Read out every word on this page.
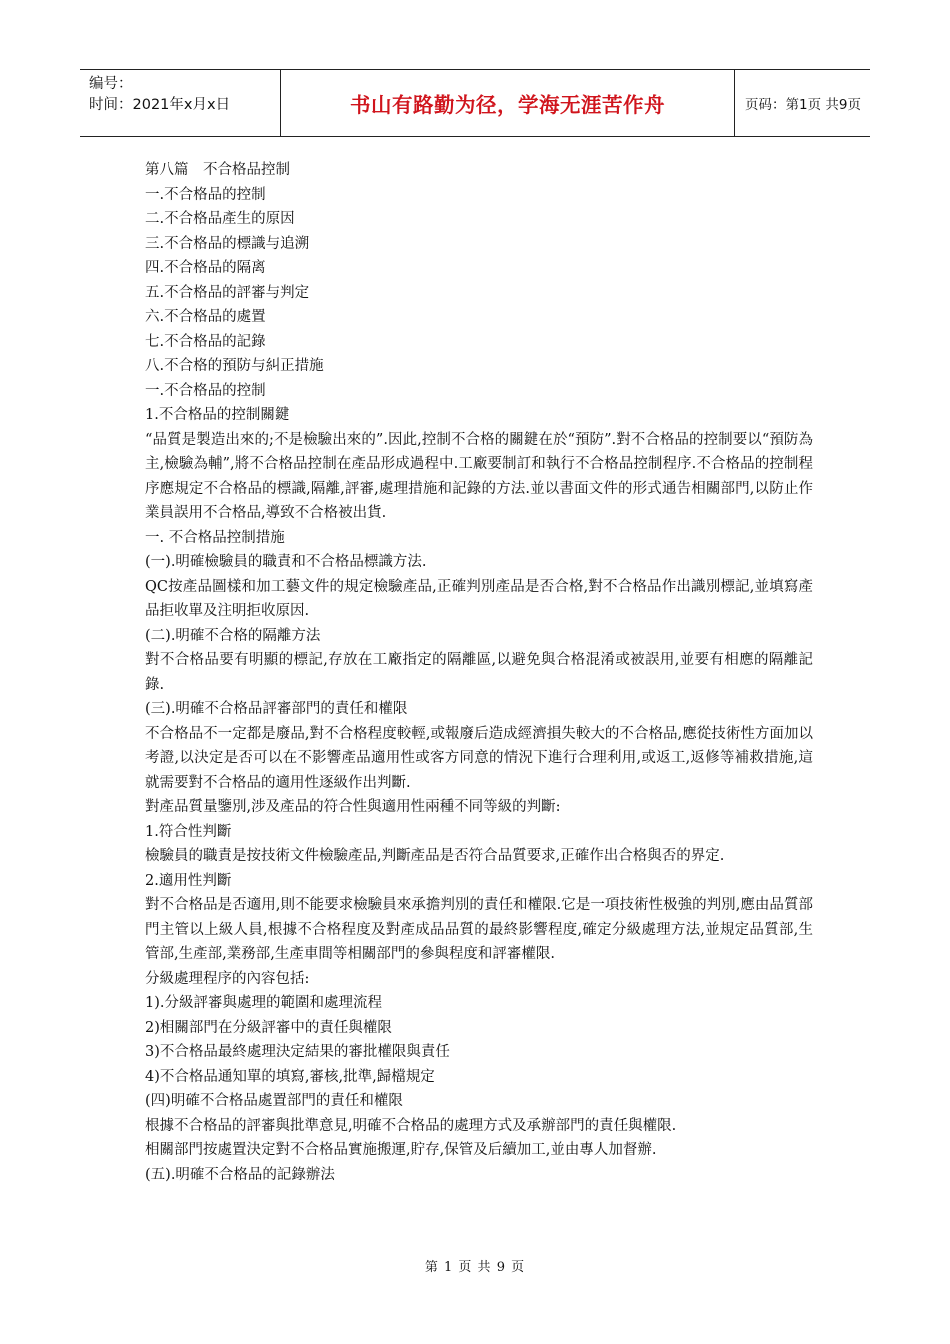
编号：
时间：2021年x月x日	书山有路勤为径，学海无涯苦作舟	页码：第1页 共9页

第八篇　不合格品控制

一.不合格品的控制

二.不合格品產生的原因

三.不合格品的標識与追溯

四.不合格品的隔离

五.不合格品的評審与判定

六.不合格品的處置

七.不合格品的記錄

八.不合格的預防与糾正措施

一.不合格品的控制

1.不合格品的控制關鍵

“品質是製造出來的;不是檢驗出來的”.因此,控制不合格的關鍵在於“預防”.對不合格品的控制要以“預防為主,檢驗為輔”,將不合格品控制在產品形成過程中.工廠要制訂和執行不合格品控制程序.不合格品的控制程序應規定不合格品的標識,隔離,評審,處理措施和記錄的方法.並以書面文件的形式通告相關部門,以防止作業員誤用不合格品,導致不合格被出貨.

一. 不合格品控制措施

(一).明確檢驗員的職責和不合格品標識方法.

QC按產品圖樣和加工藝文件的規定檢驗產品,正確判別產品是否合格,對不合格品作出識別標記,並填寫產品拒收單及注明拒收原因.

(二).明確不合格的隔離方法

對不合格品要有明顯的標記,存放在工廠指定的隔離區,以避免與合格混淆或被誤用,並要有相應的隔離記錄.

(三).明確不合格品評審部門的責任和權限

不合格品不一定都是廢品,對不合格程度較輕,或報廢后造成經濟損失較大的不合格品,應從技術性方面加以考證,以決定是否可以在不影響產品適用性或客方同意的情況下進行合理利用,或返工,返修等補救措施,這就需要對不合格品的適用性逐級作出判斷.

對產品質量鑒別,涉及產品的符合性與適用性兩種不同等級的判斷:

1.符合性判斷

檢驗員的職責是按技術文件檢驗產品,判斷產品是否符合品質要求,正確作出合格與否的界定.

2.適用性判斷

對不合格品是否適用,則不能要求檢驗員來承擔判別的責任和權限.它是一項技術性极強的判別,應由品質部門主管以上級人員,根據不合格程度及對產成品品質的最終影響程度,確定分級處理方法,並規定品質部,生管部,生產部,業務部,生產車間等相關部門的參與程度和評審權限.

分級處理程序的內容包括:

1).分級評審與處理的範圍和處理流程

2)相關部門在分級評審中的責任與權限

3)不合格品最終處理決定結果的審批權限與責任

4)不合格品通知單的填寫,審核,批準,歸檔規定

(四)明確不合格品處置部門的責任和權限

根據不合格品的評審與批準意見,明確不合格品的處理方式及承辦部門的責任與權限.

相關部門按處置決定對不合格品實施搬運,貯存,保管及后續加工,並由專人加督辦.

(五).明確不合格品的記錄辦法

第 1 页 共 9 页
